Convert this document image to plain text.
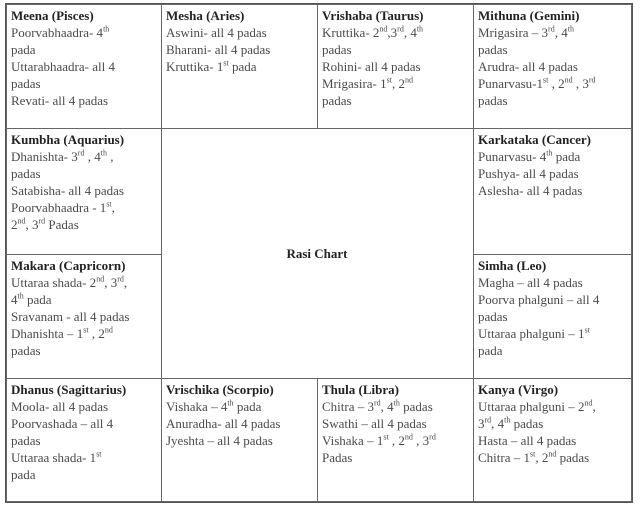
Meena (Pisces)
Poorvabhaadra- 4th
pada
Uttarabhaadra- all 4
padas
Revati- all 4 padas
Mesha (Aries)
Aswini- all 4 padas
Bharani- all 4 padas
Kruttika- 1st pada
Vrishaba (Taurus)
Kruttika- 2nd,3rd, 4th
padas
Rohini- all 4 padas
Mrigasira- 1st, 2nd
padas
Mithuna (Gemini)
Mrigasira – 3rd, 4th
padas
Arudra- all 4 padas
Punarvasu-1st , 2nd , 3rd
padas
Kumbha (Aquarius)
Dhanishta- 3rd , 4th ,
padas
Satabisha- all 4 padas
Poorvabhaadra - 1st,
2nd, 3rd Padas
Karkataka (Cancer)
Punarvasu- 4th pada
Pushya- all 4 padas
Aslesha- all 4 padas
Makara (Capricorn)
Uttaraa shada- 2nd, 3rd,
4th pada
Sravanam - all 4 padas
Dhanishta – 1st , 2nd
padas
Simha (Leo)
Magha – all 4 padas
Poorva phalguni – all 4
padas
Uttaraa phalguni – 1st
pada
Rasi Chart
Dhanus (Sagittarius)
Moola- all 4 padas
Poorvashada – all 4
padas
Uttaraa shada- 1st
pada
Vrischika (Scorpio)
Vishaka – 4th pada
Anuradha- all 4 padas
Jyeshta – all 4 padas
Thula (Libra)
Chitra – 3rd, 4th padas
Swathi – all 4 padas
Vishaka – 1st , 2nd , 3rd
Padas
Kanya (Virgo)
Uttaraa phalguni – 2nd,
3rd, 4th padas
Hasta – all 4 padas
Chitra – 1st, 2nd padas
